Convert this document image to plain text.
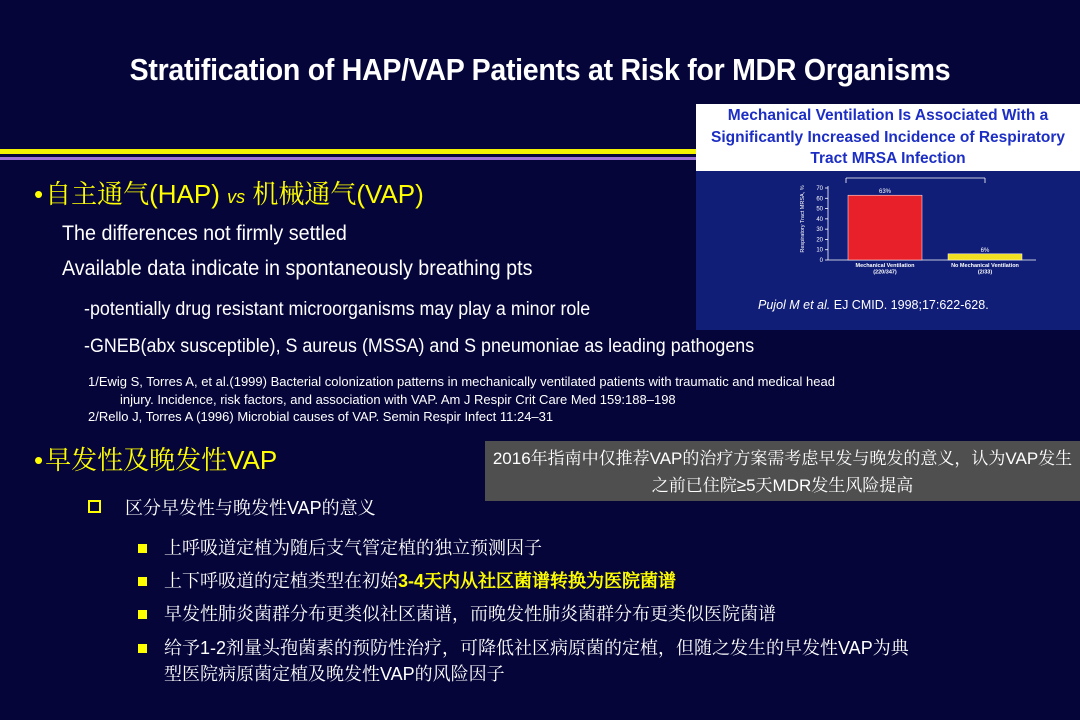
Stratification of HAP/VAP Patients at Risk for MDR Organisms
Mechanical Ventilation Is Associated With a Significantly Increased Incidence of Respiratory Tract MRSA Infection
Respiratory Tract MRSA, %
0
10
20
30
40
50
60
70
63%
6%
Mechanical Ventilation
(220/347)
No Mechanical Ventilation
(2/33)
Pujol M et al. EJ CMID. 1998;17:622-628.
•自主通气(HAP) vs 机械通气(VAP)
The differences not firmly settled
Available data indicate in spontaneously breathing pts
-potentially drug resistant microorganisms may play a minor role
-GNEB(abx susceptible), S aureus (MSSA) and S pneumoniae as leading pathogens
1/Ewig S, Torres A, et al.(1999) Bacterial colonization patterns in mechanically ventilated patients with traumatic and medical head
injury. Incidence, risk factors, and association with VAP. Am J Respir Crit Care Med 159:188–198
2/Rello J, Torres A (1996) Microbial causes of VAP. Semin Respir Infect 11:24–31
•早发性及晚发性VAP	2016年指南中仅推荐VAP的治疗方案需考虑早发与晚发的意义，认为VAP发生之前已住院≥5天MDR发生风险提高
区分早发性与晚发性VAP的意义
上呼吸道定植为随后支气管定植的独立预测因子
上下呼吸道的定植类型在初始3-4天内从社区菌谱转换为医院菌谱
早发性肺炎菌群分布更类似社区菌谱，而晚发性肺炎菌群分布更类似医院菌谱
给予1-2剂量头孢菌素的预防性治疗，可降低社区病原菌的定植，但随之发生的早发性VAP为典
型医院病原菌定植及晚发性VAP的风险因子
